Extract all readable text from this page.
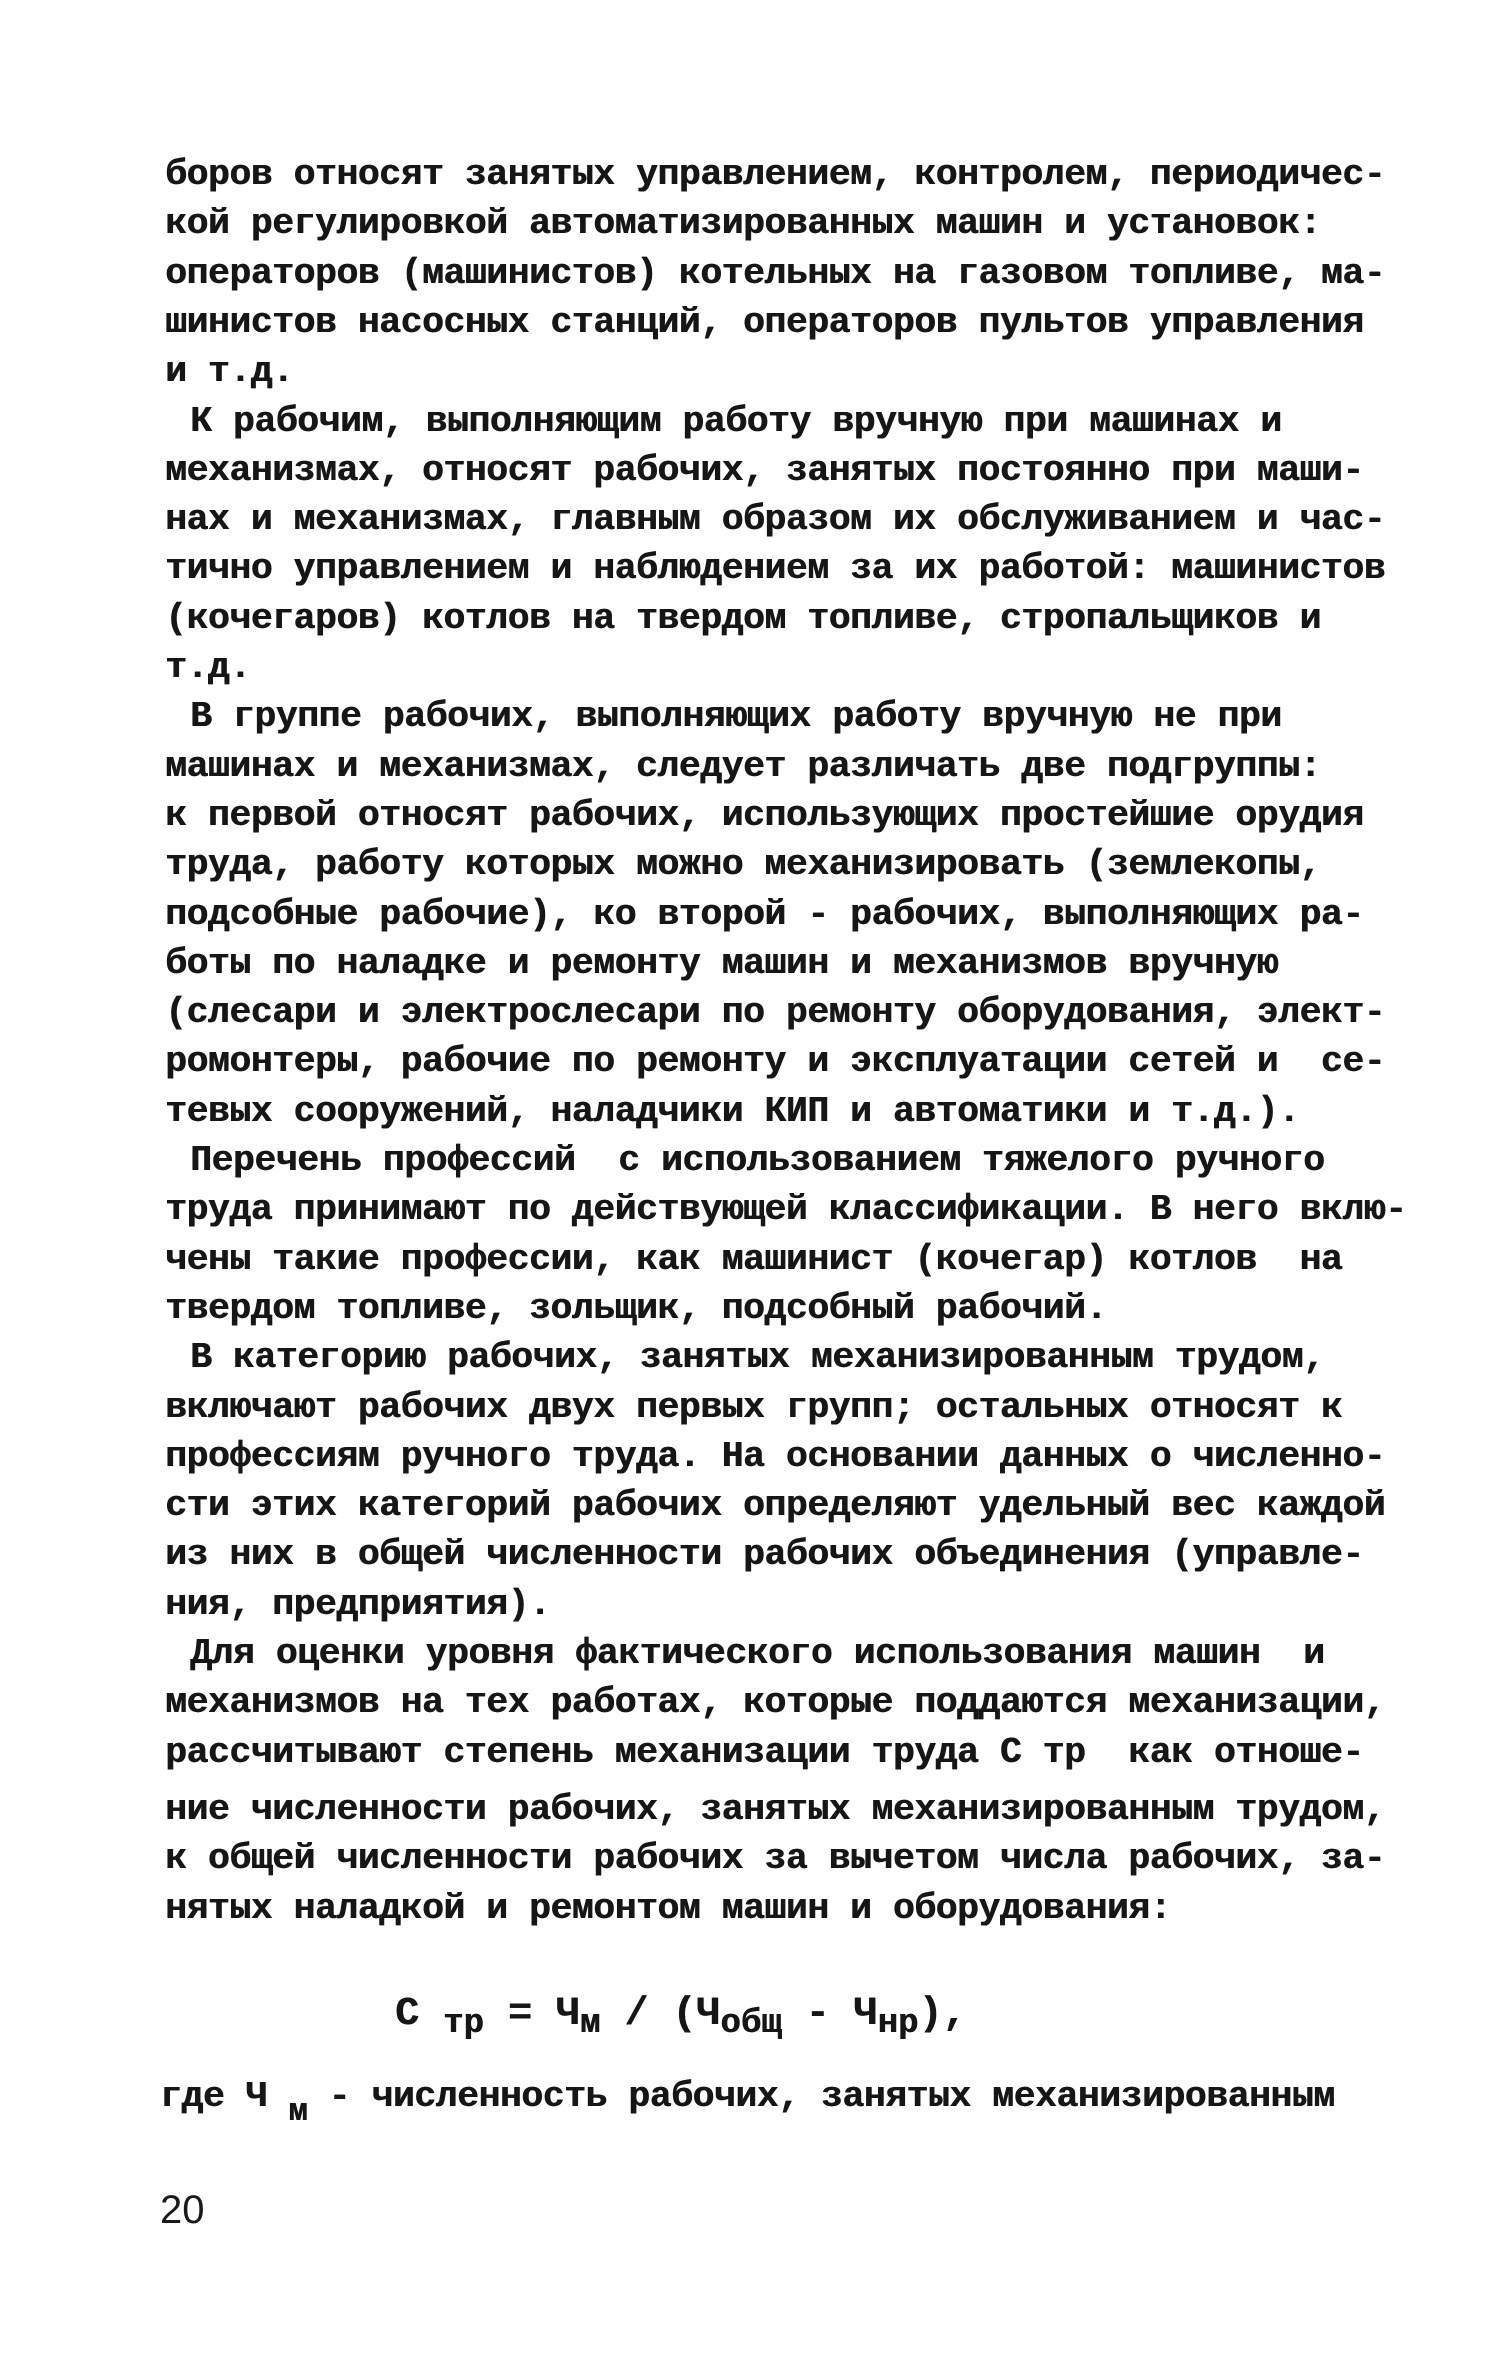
боров относят занятых управлением, контролем, периодичес-
кой регулировкой автоматизированных машин и установок:
операторов (машинистов) котельных на газовом топливе, ма-
шинистов насосных станций, операторов пультов управления
и т.д.
К рабочим, выполняющим работу вручную при машинах и
механизмах, относят рабочих, занятых постоянно при маши-
нах и механизмах, главным образом их обслуживанием и час-
тично управлением и наблюдением за их работой: машинистов
(кочегаров) котлов на твердом топливе, стропальщиков и
т.д.
В группе рабочих, выполняющих работу вручную не при
машинах и механизмах, следует различать две подгруппы:
к первой относят рабочих, использующих простейшие орудия
труда, работу которых можно механизировать (землекопы,
подсобные рабочие), ко второй - рабочих, выполняющих ра-
боты по наладке и ремонту машин и механизмов вручную
(слесари и электрослесари по ремонту оборудования, элект-
ромонтеры, рабочие по ремонту и эксплуатации сетей и  се-
тевых сооружений, наладчики КИП и автоматики и т.д.).
Перечень профессий  с использованием тяжелого ручного
труда принимают по действующей классификации. В него вклю-
чены такие профессии, как машинист (кочегар) котлов  на
твердом топливе, зольщик, подсобный рабочий.
В категорию рабочих, занятых механизированным трудом,
включают рабочих двух первых групп; остальных относят к
профессиям ручного труда. На основании данных о численно-
сти этих категорий рабочих определяют удельный вес каждой
из них в общей численности рабочих объединения (управле-
ния, предприятия).
Для оценки уровня фактического использования машин  и
механизмов на тех работах, которые поддаются механизации,
рассчитывают степень механизации труда С тр  как отноше-
ние численности рабочих, занятых механизированным трудом,
к общей численности рабочих за вычетом числа рабочих, за-
нятых наладкой и ремонтом машин и оборудования:
С $_{тр} = Ч_м / (Ч_{общ} - Ч_{нр})$,
где Ч $_м$ - численность рабочих, занятых механизированным
20
